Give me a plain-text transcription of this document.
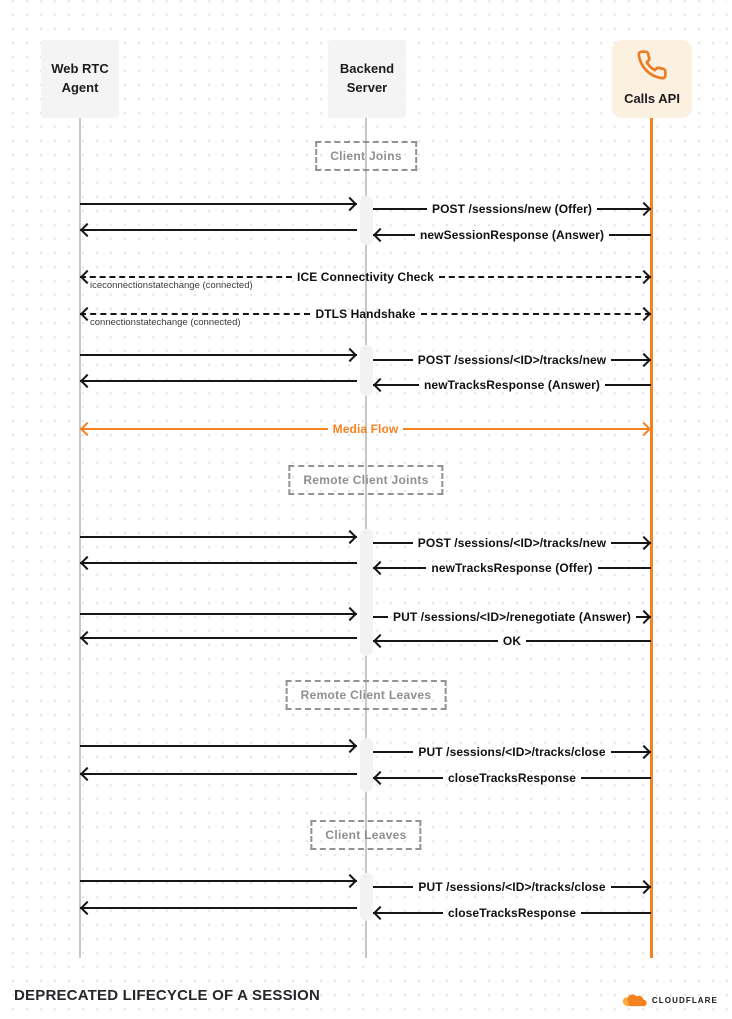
Web RTC
Agent
Backend
Server
Calls API
POST /sessions/new (Offer)
newSessionResponse (Answer)
ICE Connectivity Check
iceconnectionstatechange (connected)
DTLS Handshake
connectionstatechange (connected)
POST /sessions/<ID>/tracks/new
newTracksResponse (Answer)
Media Flow
POST /sessions/<ID>/tracks/new
newTracksResponse (Offer)
PUT /sessions/<ID>/renegotiate (Answer)
OK
PUT /sessions/<ID>/tracks/close
closeTracksResponse
PUT /sessions/<ID>/tracks/close
closeTracksResponse
Client Joins
Remote Client Joints
Remote Client Leaves
Client Leaves
DEPRECATED LIFECYCLE OF A SESSION	CLOUDFLARE
